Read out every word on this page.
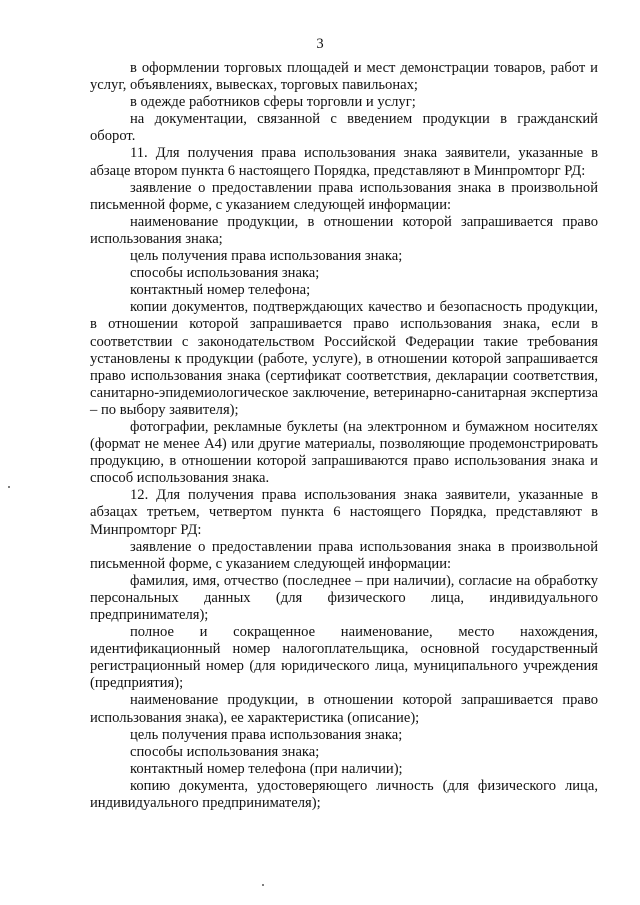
3

в оформлении торговых площадей и мест демонстрации товаров, работ и услуг, объявлениях, вывесках, торговых павильонах;

в одежде работников сферы торговли и услуг;

на документации, связанной с введением продукции в гражданский оборот.

11. Для получения права использования знака заявители, указанные в абзаце втором пункта 6 настоящего Порядка, представляют в Минпромторг РД:

заявление о предоставлении права использования знака в произвольной письменной форме, с указанием следующей информации:

наименование продукции, в отношении которой запрашивается право использования знака;

цель получения права использования знака;

способы использования знака;

контактный номер телефона;

копии документов, подтверждающих качество и безопасность продукции, в отношении которой запрашивается право использования знака, если в соответствии с законодательством Российской Федерации такие требования установлены к продукции (работе, услуге), в отношении которой запрашивается право использования знака (сертификат соответствия, декларации соответствия, санитарно-эпидемиологическое заключение, ветеринарно-санитарная экспертиза – по выбору заявителя);

фотографии, рекламные буклеты (на электронном и бумажном носителях (формат не менее А4) или другие материалы, позволяющие продемонстрировать продукцию, в отношении которой запрашиваются право использования знака и способ использования знака.

12. Для получения права использования знака заявители, указанные в абзацах третьем, четвертом пункта 6 настоящего Порядка, представляют в Минпромторг РД:

заявление о предоставлении права использования знака в произвольной письменной форме, с указанием следующей информации:

фамилия, имя, отчество (последнее – при наличии), согласие на обработку персональных данных (для физического лица, индивидуального предпринимателя);

полное и сокращенное наименование, место нахождения, идентификационный номер налогоплательщика, основной государственный регистрационный номер (для юридического лица, муниципального учреждения (предприятия);

наименование продукции, в отношении которой запрашивается право использования знака), ее характеристика (описание);

цель получения права использования знака;

способы использования знака;

контактный номер телефона (при наличии);

копию документа, удостоверяющего личность (для физического лица, индивидуального предпринимателя);
